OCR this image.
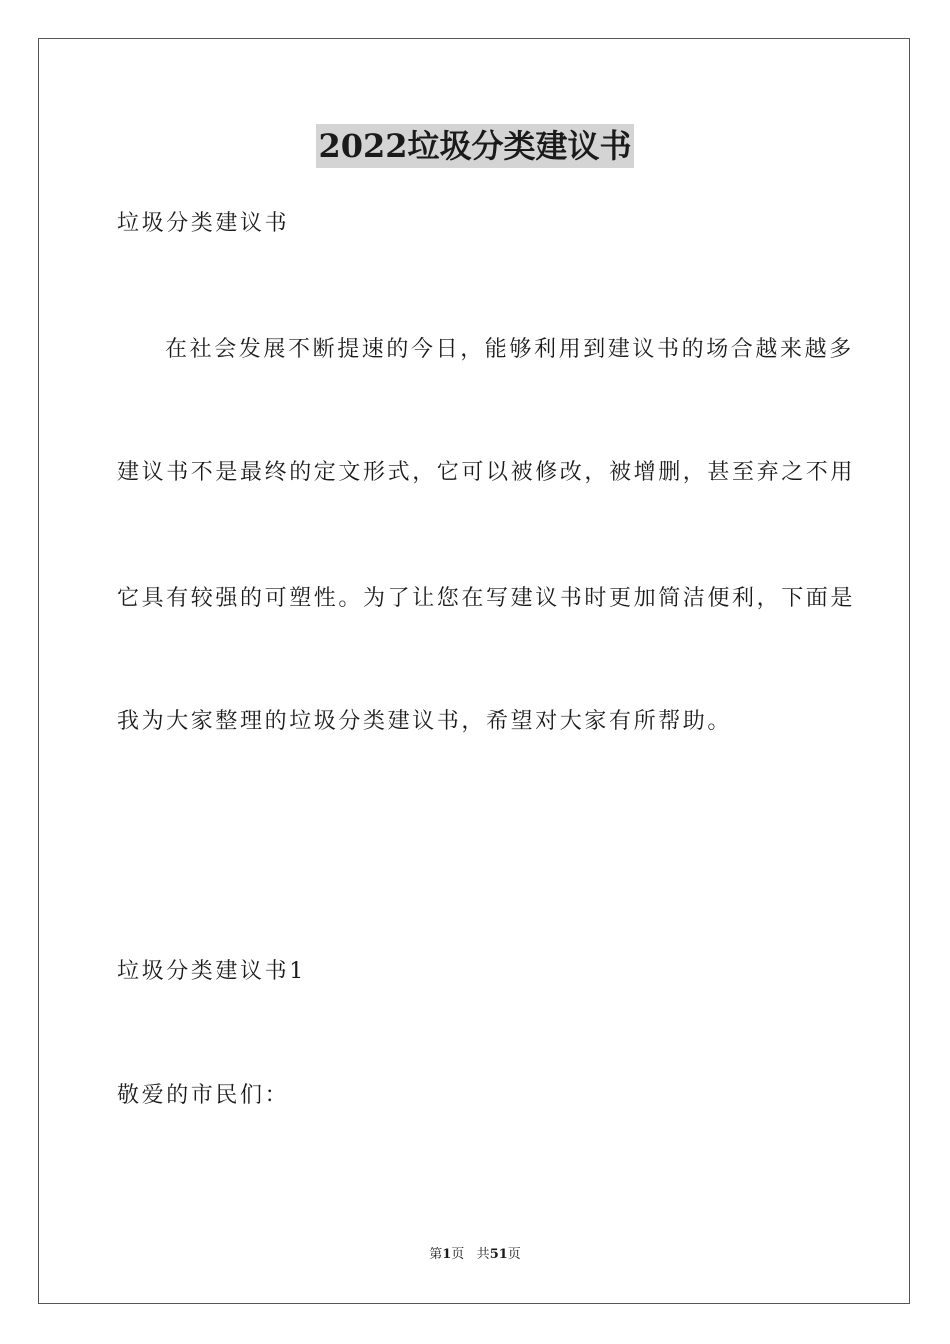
2022垃圾分类建议书
垃圾分类建议书
在社会发展不断提速的今日，能够利用到建议书的场合越来越多
建议书不是最终的定文形式，它可以被修改，被增删，甚至弃之不用
它具有较强的可塑性。为了让您在写建议书时更加简洁便利，下面是
我为大家整理的垃圾分类建议书，希望对大家有所帮助。
垃圾分类建议书1
敬爱的市民们：
第1页 共51页
